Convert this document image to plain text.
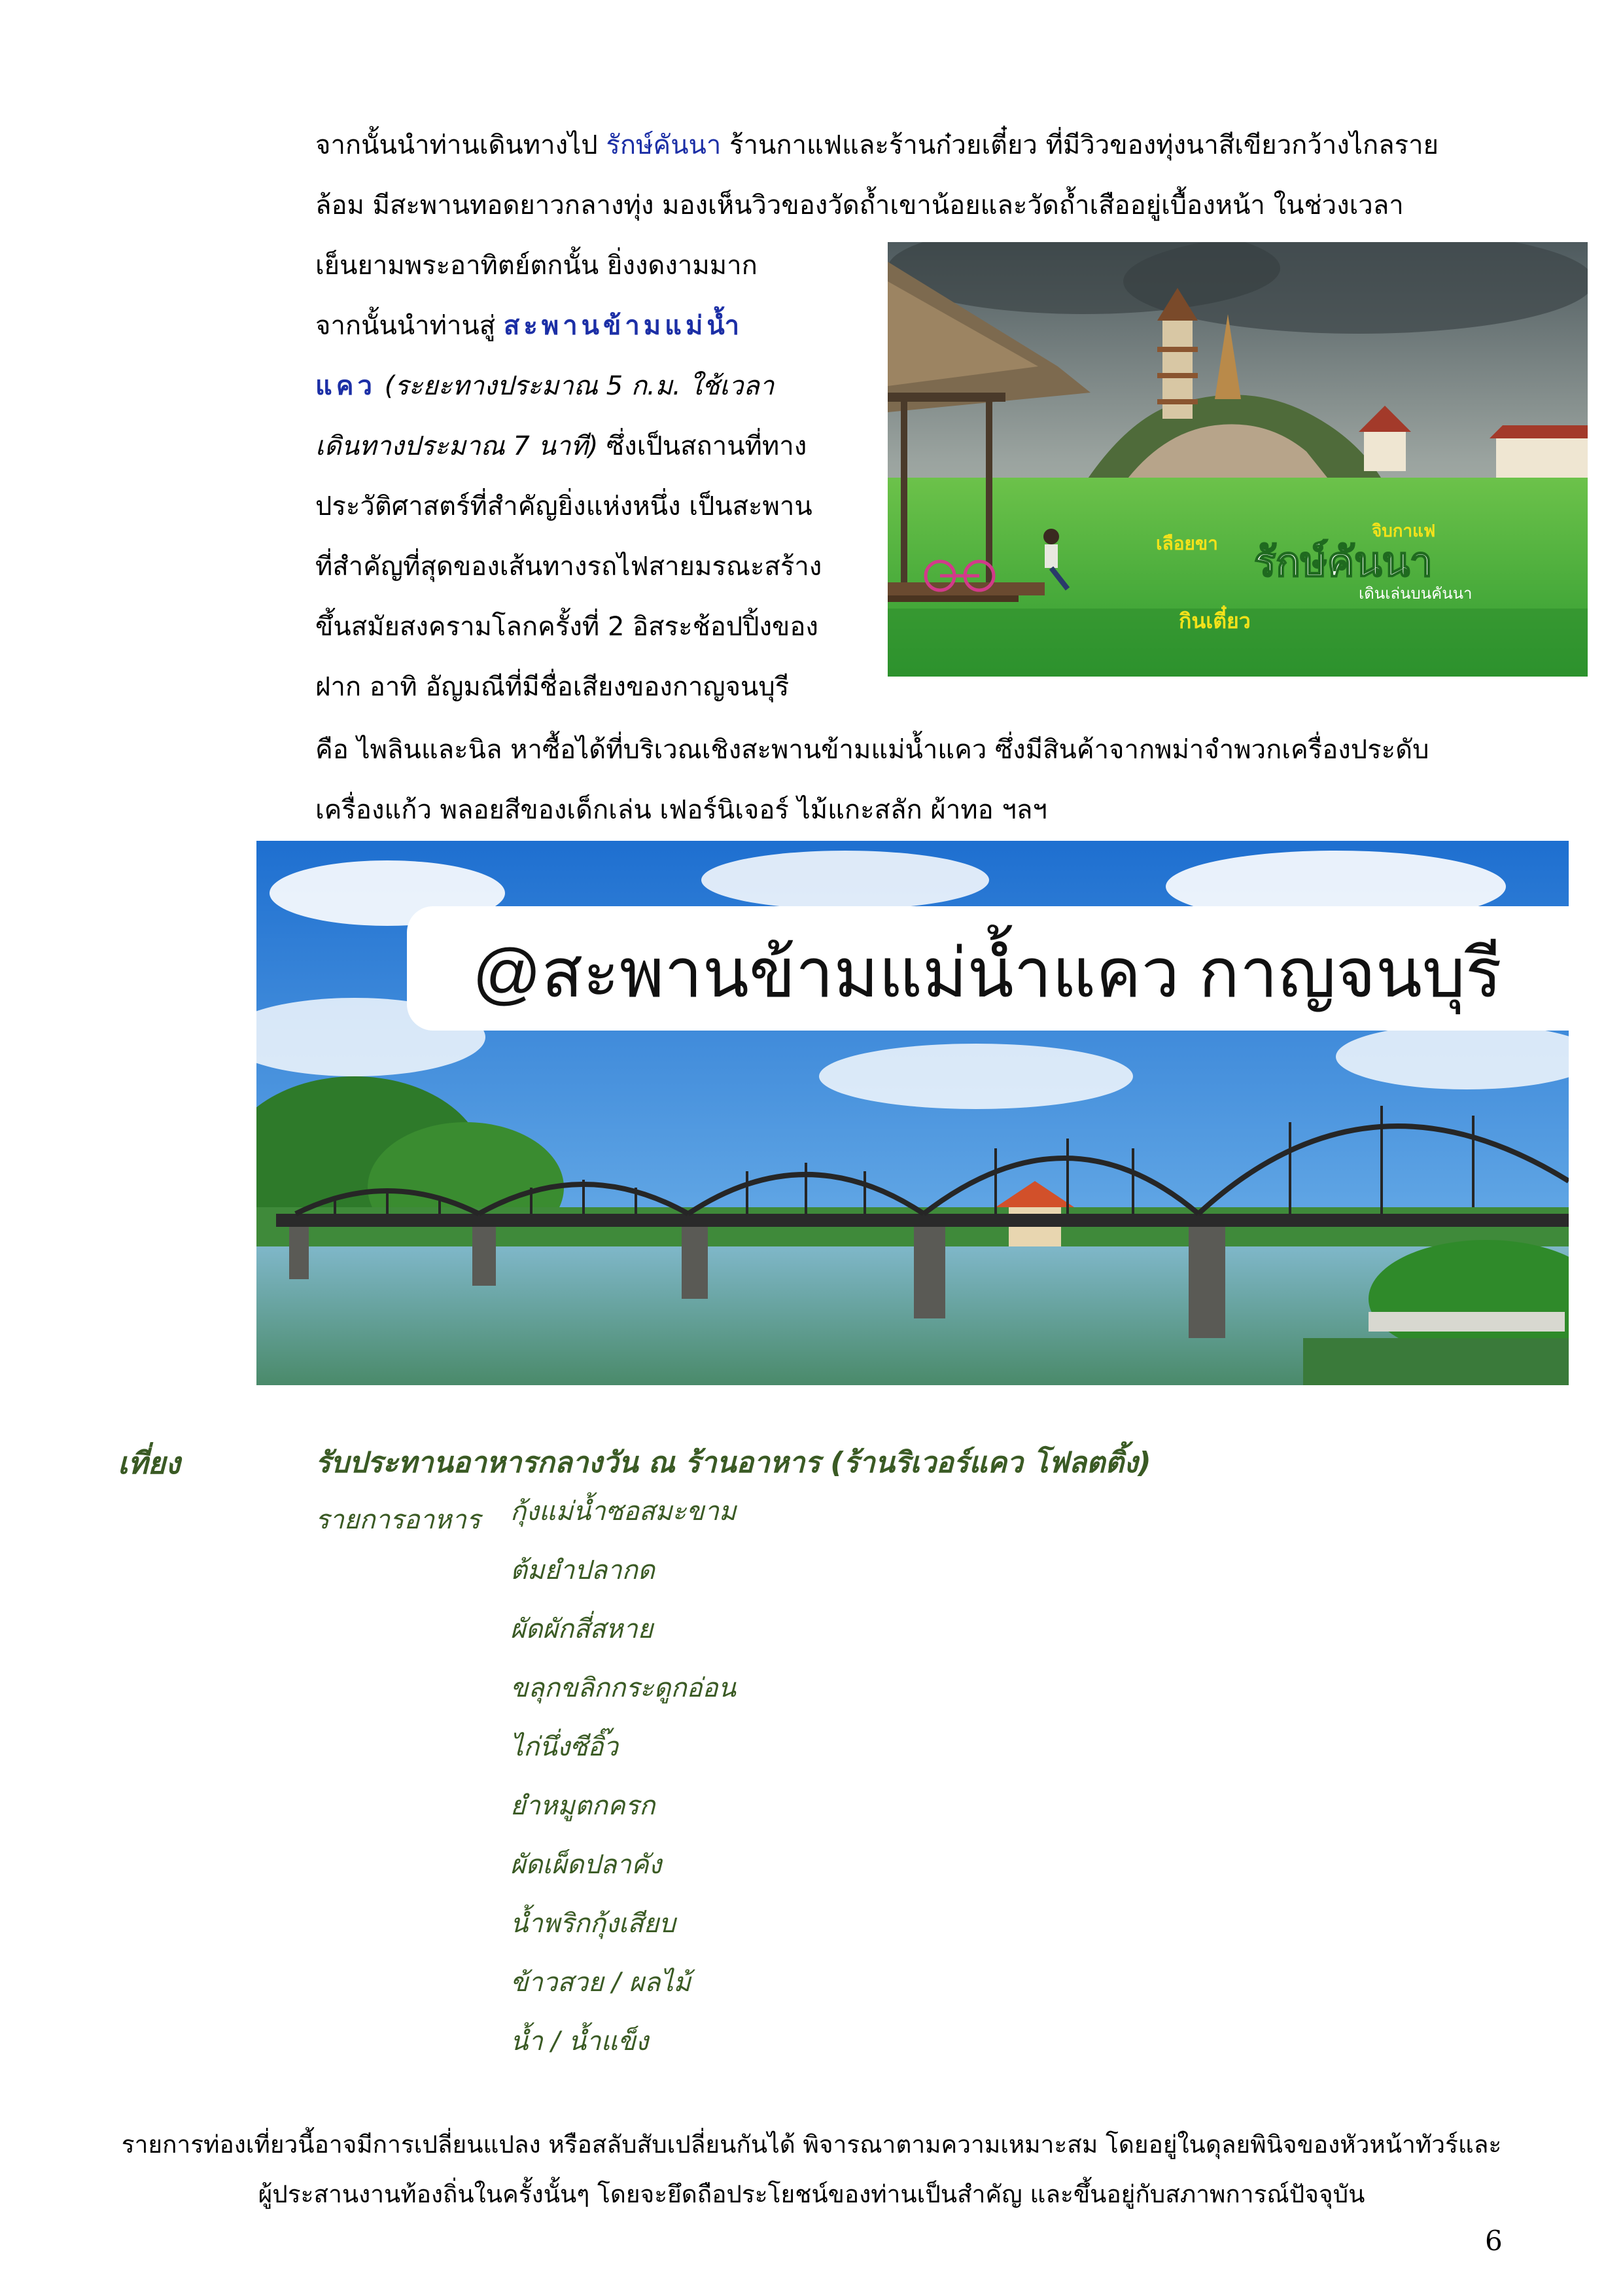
จากนั้นนำท่านเดินทางไป รักษ์คันนา ร้านกาแฟและร้านก๋วยเตี๋ยว ที่มีวิวของทุ่งนาสีเขียวกว้างไกลราย
ล้อม มีสะพานทอดยาวกลางทุ่ง มองเห็นวิวของวัดถ้ำเขาน้อยและวัดถ้ำเสืออยู่เบื้องหน้า ในช่วงเวลา

เย็นยามพระอาทิตย์ตกนั้น ยิ่งงดงามมาก
จากนั้นนำท่านสู่ สะพานข้ามแม่น้ำ
แคว (ระยะทางประมาณ 5 ก.ม. ใช้เวลา
เดินทางประมาณ 7 นาที) ซึ่งเป็นสถานที่ทาง
ประวัติศาสตร์ที่สำคัญยิ่งแห่งหนึ่ง เป็นสะพาน
ที่สำคัญที่สุดของเส้นทางรถไฟสายมรณะสร้าง
ขึ้นสมัยสงครามโลกครั้งที่ 2 อิสระช้อปปิ้งของ
ฝาก อาทิ อัญมณีที่มีชื่อเสียงของกาญจนบุรี

เลือยขา
จิบกาแฟ
รักษ์คันนา
เดินเล่นบนคันนา
กินเตี๋ยว

คือ ไพลินและนิล หาซื้อได้ที่บริเวณเชิงสะพานข้ามแม่น้ำแคว ซึ่งมีสินค้าจากพม่าจำพวกเครื่องประดับ
เครื่องแก้ว พลอยสีของเด็กเล่น เฟอร์นิเจอร์ ไม้แกะสลัก ผ้าทอ ฯลฯ

@สะพานข้ามแม่น้ำแคว กาญจนบุรี
เที่ยง	รับประทานอาหารกลางวัน ณ ร้านอาหาร (ร้านริเวอร์แคว โฟลตติ้ง)
รายการอาหาร กุ้งแม่น้ำซอสมะขาม
ต้มยำปลากด
ผัดผักสี่สหาย
ขลุกขลิกกระดูกอ่อน
ไก่นึ่งซีอิ๊ว
ยำหมูตกครก
ผัดเผ็ดปลาคัง
น้ำพริกกุ้งเสียบ
ข้าวสวย / ผลไม้
น้ำ / น้ำแข็ง
รายการท่องเที่ยวนี้อาจมีการเปลี่ยนแปลง หรือสลับสับเปลี่ยนกันได้ พิจารณาตามความเหมาะสม โดยอยู่ในดุลยพินิจของหัวหน้าทัวร์และ
ผู้ประสานงานท้องถิ่นในครั้งนั้นๆ โดยจะยึดถือประโยชน์ของท่านเป็นสำคัญ และขึ้นอยู่กับสภาพการณ์ปัจจุบัน
6
